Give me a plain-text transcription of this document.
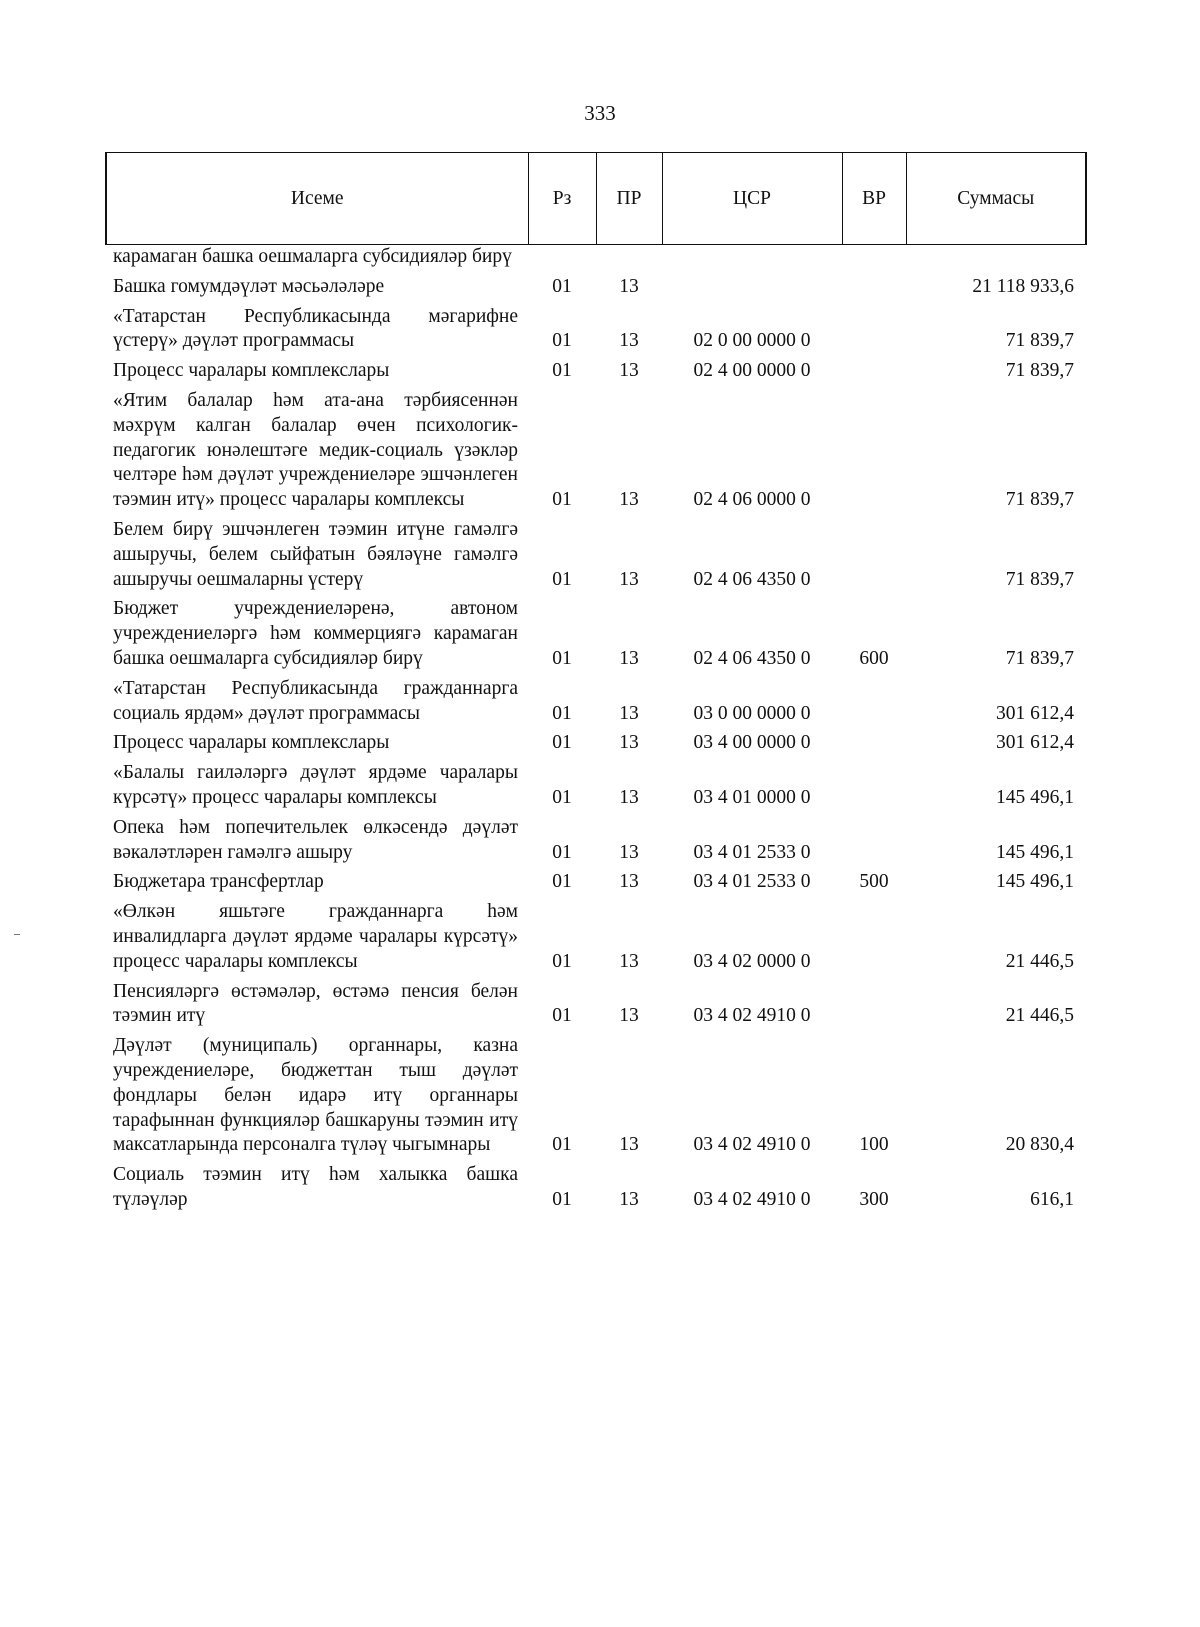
333
Исеме	Рз	ПР	ЦСР	ВР	Суммасы
карамаган башка оешмаларга субсидияләр бирү					
Башка гомумдәүләт мәсьәләләре	01	13			21 118 933,6
«Татарстан Республикасында мәгарифне үстерү» дәүләт программасы	01	13	02 0 00 0000 0		71 839,7
Процесс чаралары комплекслары	01	13	02 4 00 0000 0		71 839,7
«Ятим балалар һәм ата-ана тәрбиясеннән мәхрүм калган балалар өчен психологик-педагогик юнәлештәге медик-социаль үзәкләр челтәре һәм дәүләт учреждениеләре эшчәнлеген тәэмин итү» процесс чаралары комплексы	01	13	02 4 06 0000 0		71 839,7
Белем бирү эшчәнлеген тәэмин итүне гамәлгә ашыручы, белем сыйфатын бәяләүне гамәлгә ашыручы оешмаларны үстерү	01	13	02 4 06 4350 0		71 839,7
Бюджет учреждениеләренә, автоном учреждениеләргә һәм коммерциягә карамаган башка оешмаларга субсидияләр бирү	01	13	02 4 06 4350 0	600	71 839,7
«Татарстан Республикасында гражданнарга социаль ярдәм» дәүләт программасы	01	13	03 0 00 0000 0		301 612,4
Процесс чаралары комплекслары	01	13	03 4 00 0000 0		301 612,4
«Балалы гаиләләргә дәүләт ярдәме чаралары күрсәтү» процесс чаралары комплексы	01	13	03 4 01 0000 0		145 496,1
Опека һәм попечительлек өлкәсендә дәүләт вәкаләтләрен гамәлгә ашыру	01	13	03 4 01 2533 0		145 496,1
Бюджетара трансфертлар	01	13	03 4 01 2533 0	500	145 496,1
«Өлкән яшьтәге гражданнарга һәм инвалидларга дәүләт ярдәме чаралары күрсәтү» процесс чаралары комплексы	01	13	03 4 02 0000 0		21 446,5
Пенсияләргә өстәмәләр, өстәмә пенсия белән тәэмин итү	01	13	03 4 02 4910 0		21 446,5
Дәүләт (муниципаль) органнары, казна учреждениеләре, бюджеттан тыш дәүләт фондлары белән идарә итү органнары тарафыннан функцияләр башкаруны тәэмин итү максатларында персоналга түләү чыгымнары	01	13	03 4 02 4910 0	100	20 830,4
Социаль тәэмин итү һәм халыкка башка түләүләр	01	13	03 4 02 4910 0	300	616,1
